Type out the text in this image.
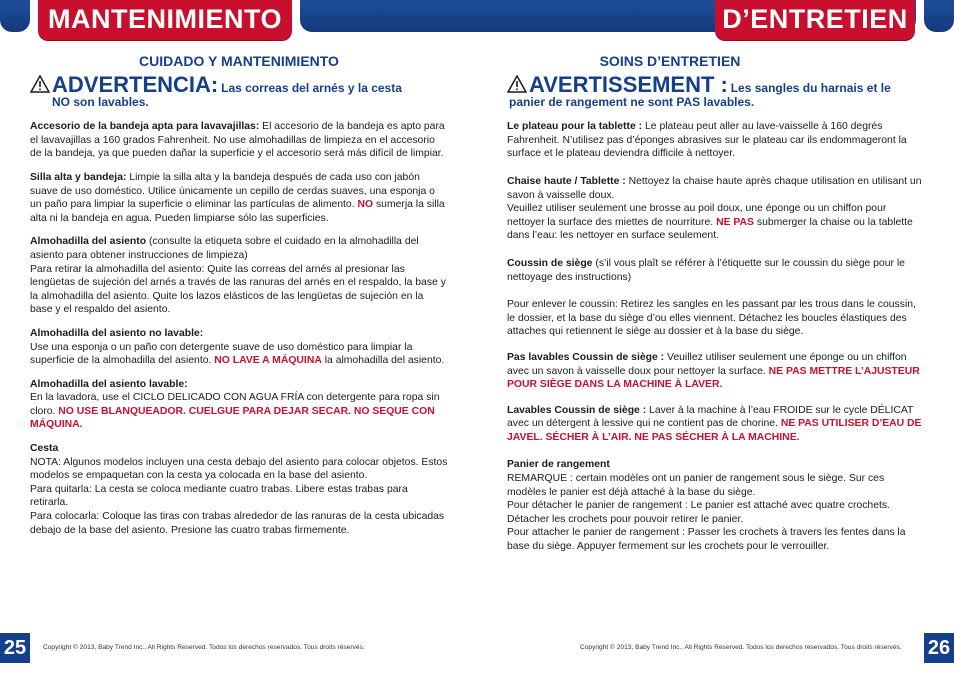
MANTENIMIENTO	D’ENTRETIEN
CUIDADO Y MANTENIMIENTO
ADVERTENCIA: Las correas del arnés y la cesta
NO son lavables.

Accesorio de la bandeja apta para lavavajillas: El accesorio de la bandeja es apto para el lavavajillas a 160 grados Fahrenheit. No use almohadillas de limpieza en el accesorio de la bandeja, ya que pueden dañar la superficie y el accesorio será más difícil de limpiar.

Silla alta y bandeja: Limpie la silla alta y la bandeja después de cada uso con jabón suave de uso doméstico. Utilice únicamente un cepillo de cerdas suaves, una esponja o un paño para limpiar la superficie o eliminar las partículas de alimento. NO sumerja la silla alta ni la bandeja en agua. Pueden limpiarse sólo las superficies.

Almohadilla del asiento (consulte la etiqueta sobre el cuidado en la almohadilla del asiento para obtener instrucciones de limpieza)
Para retirar la almohadilla del asiento: Quite las correas del arnés al presionar las lengüetas de sujeción del arnés a través de las ranuras del arnés en el respaldo, la base y la almohadilla del asiento. Quite los lazos elásticos de las lengüetas de sujeción en la base y el respaldo del asiento.

Almohadilla del asiento no lavable:
Use una esponja o un paño con detergente suave de uso doméstico para limpiar la superficie de la almohadilla del asiento. NO LAVE A MÁQUINA la almohadilla del asiento.

Almohadilla del asiento lavable:
En la lavadora, use el CICLO DELICADO CON AGUA FRÍA con detergente para ropa sin cloro. NO USE BLANQUEADOR. CUELGUE PARA DEJAR SECAR. NO SEQUE CON MÁQUINA.

Cesta
NOTA: Algunos modelos incluyen una cesta debajo del asiento para colocar objetos. Estos modelos se empaquetan con la cesta ya colocada en la base del asiento.
Para quitarla: La cesta se coloca mediante cuatro trabas. Libere estas trabas para retirarla.
Para colocarla: Coloque las tiras con trabas alrededor de las ranuras de la cesta ubicadas debajo de la base del asiento. Presione las cuatro trabas firmemente.

SOINS D’ENTRETIEN
AVERTISSEMENT : Les sangles du harnais et le
panier de rangement ne sont PAS lavables.

Le plateau pour la tablette : Le plateau peut aller au lave-vaisselle à 160 degrés Fahrenheit. N’utilisez pas d’éponges abrasives sur le plateau car ils endommageront la surface et le plateau deviendra difficile à nettoyer.

Chaise haute / Tablette : Nettoyez la chaise haute après chaque utilisation en utilisant un savon à vaisselle doux.
Veuillez utiliser seulement une brosse au poil doux, une éponge ou un chiffon pour nettoyer la surface des miettes de nourriture. NE PAS submerger la chaise ou la tablette dans l’eau: les nettoyer en surface seulement.

Coussin de siège (s’il vous plaît se référer à l’étiquette sur le coussin du siège pour le nettoyage des instructions)

Pour enlever le coussin: Retirez les sangles en les passant par les trous dans le coussin, le dossier, et la base du siège d’ou elles viennent. Détachez les boucles élastiques des attaches qui retiennent le siège au dossier et à la base du siège.

Pas lavables Coussin de siège : Veuillez utiliser seulement une éponge ou un chiffon avec un savon à vaisselle doux pour nettoyer la surface. NE PAS METTRE L’AJUSTEUR POUR SIÈGE DANS LA MACHINE À LAVER.

Lavables Coussin de siège : Laver à la machine à l’eau FROIDE sur le cycle DÉLICAT avec un détergent à lessive qui ne contient pas de chorine. NE PAS UTILISER D’EAU DE JAVEL. SÉCHER À L’AIR. NE PAS SÉCHER À LA MACHINE.

Panier de rangement
REMARQUE : certain modèles ont un panier de rangement sous le siège. Sur ces modèles le panier est déjà attaché à la base du siège.
Pour détacher le panier de rangement : Le panier est attaché avec quatre crochets. Détacher les crochets pour pouvoir retirer le panier.
Pour attacher le panier de rangement : Passer les crochets à travers les fentes dans la base du siège. Appuyer fermement sur les crochets pour le verrouiller.

25	Copyright © 2013, Baby Trend Inc., All Rights Reserved. Todos los derechos reservados. Tous droits réservés.	Copyright © 2013, Baby Trend Inc., All Rights Reserved. Todos los derechos reservados. Tous droits réservés. 26
